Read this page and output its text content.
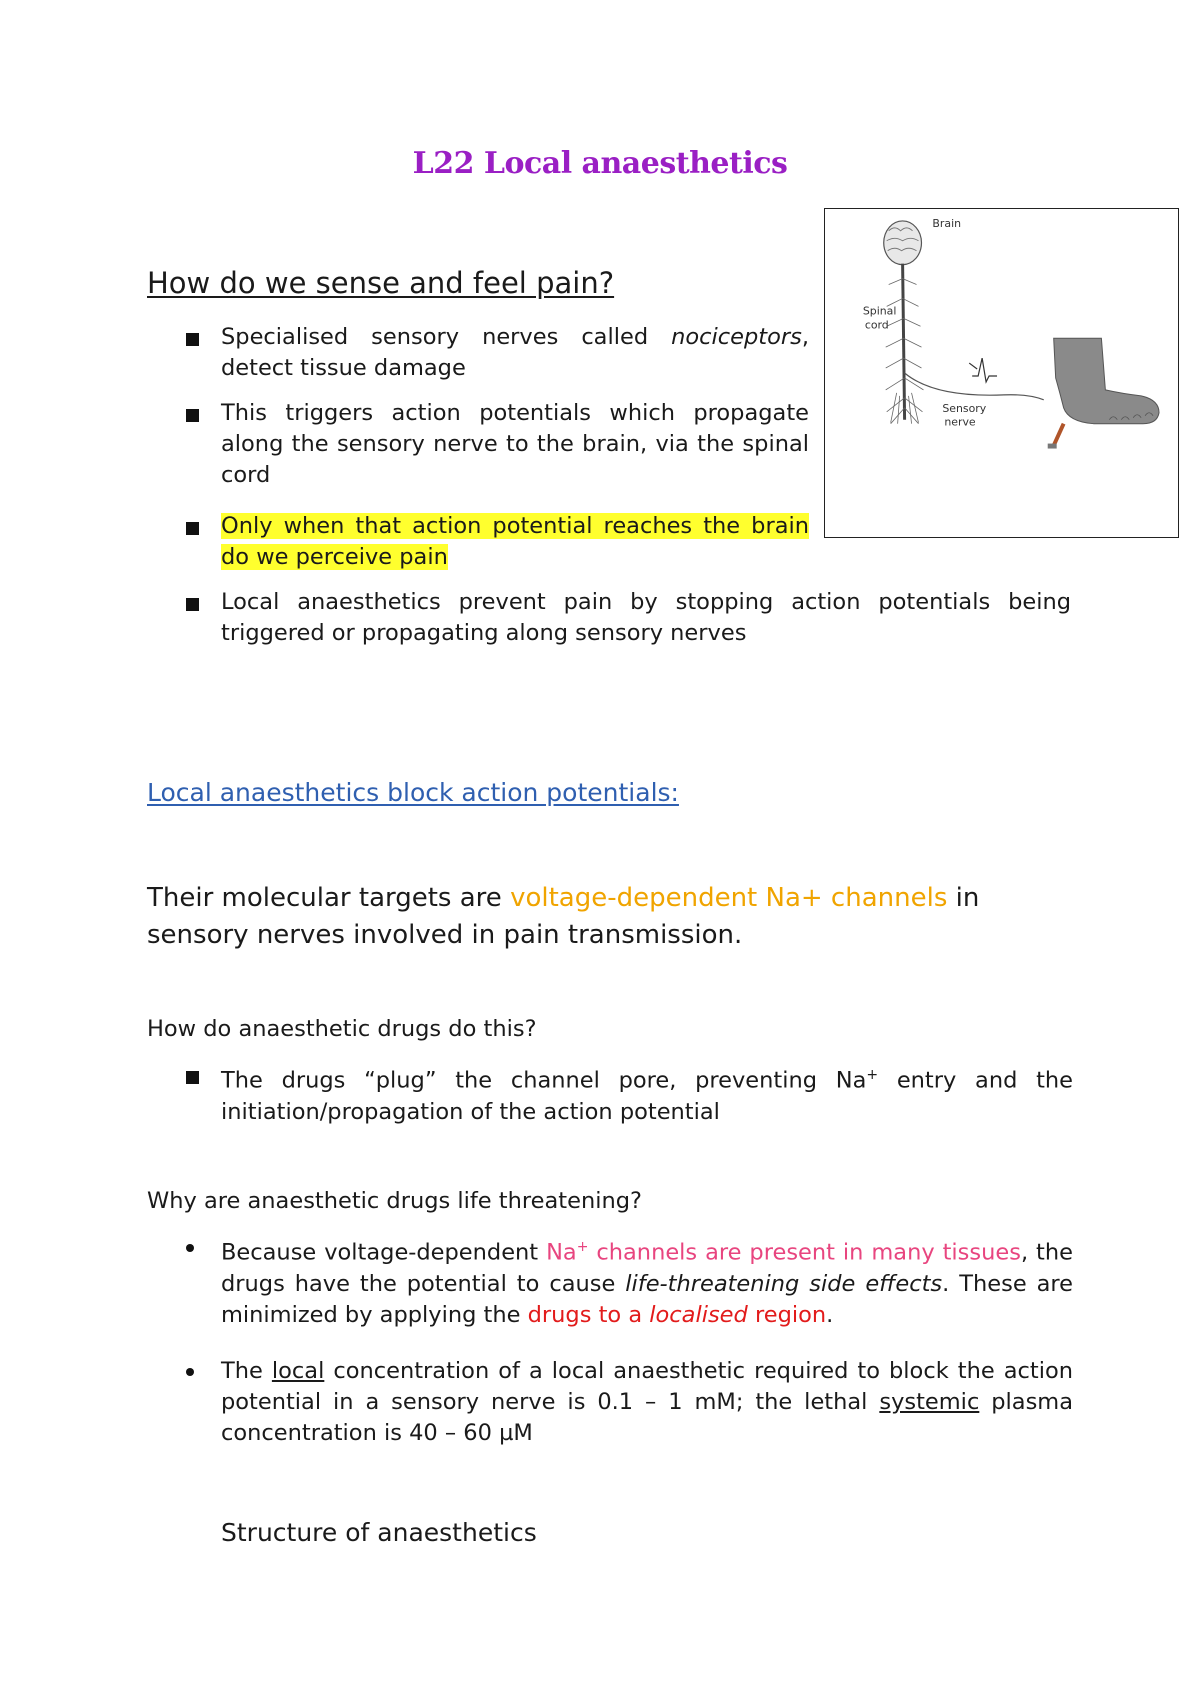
L22 Local anaesthetics
How do we sense and feel pain?

Specialised sensory nerves called nociceptors, detect tissue damage

This triggers action potentials which propagate along the sensory nerve to the brain, via the spinal cord

Only when that action potential reaches the brain do we perceive pain

Local anaesthetics prevent pain by stopping action potentials being triggered or propagating along sensory nerves

Brain
Spinal
cord
Sensory
nerve
Local anaesthetics block action potentials:
Their molecular targets are voltage-dependent Na+ channels in sensory nerves involved in pain transmission.
How do anaesthetic drugs do this?

The drugs “plug” the channel pore, preventing Na+ entry and the initiation/propagation of the action potential

Why are anaesthetic drugs life threatening?

Because voltage-dependent Na+ channels are present in many tissues, the drugs have the potential to cause life-threatening side effects. These are minimized by applying the drugs to a localised region.

The local concentration of a local anaesthetic required to block the action potential in a sensory nerve is 0.1 – 1 mM; the lethal systemic plasma concentration is 40 – 60 µM

Structure of anaesthetics
